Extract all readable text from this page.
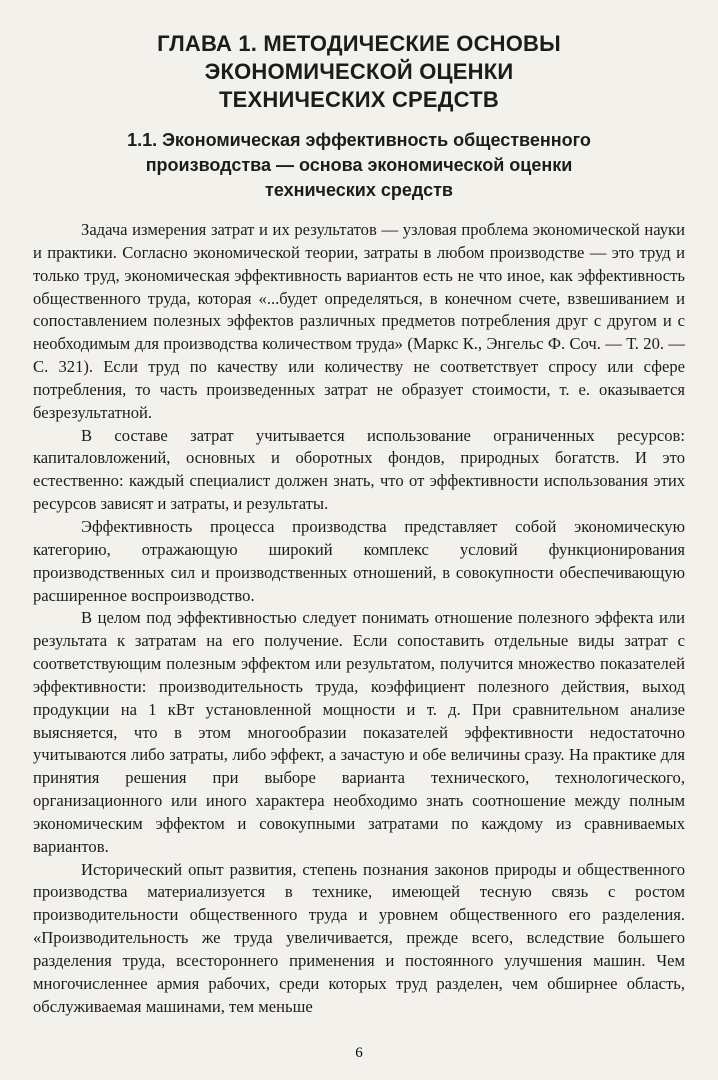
ГЛАВА 1. МЕТОДИЧЕСКИЕ ОСНОВЫ
ЭКОНОМИЧЕСКОЙ ОЦЕНКИ
ТЕХНИЧЕСКИХ СРЕДСТВ
1.1. Экономическая эффективность общественного
производства — основа экономической оценки
технических средств

Задача измерения затрат и их результатов — узловая проблема экономической науки и практики. Согласно экономической теории, затраты в любом производстве — это труд и только труд, экономическая эффективность вариантов есть не что иное, как эффективность общественного труда, которая «...будет определяться, в конечном счете, взвешиванием и сопоставлением полезных эффектов различных предметов потребления друг с другом и с необходимым для производства количеством труда» (Маркс К., Энгельс Ф. Соч. — Т. 20. — С. 321). Если труд по качеству или количеству не соответствует спросу или сфере потребления, то часть произведенных затрат не образует стоимости, т. е. оказывается безрезультатной.

В составе затрат учитывается использование ограниченных ресурсов: капиталовложений, основных и оборотных фондов, природных богатств. И это естественно: каждый специалист должен знать, что от эффективности использования этих ресурсов зависят и затраты, и результаты.

Эффективность процесса производства представляет собой экономическую категорию, отражающую широкий комплекс условий функционирования производственных сил и производственных отношений, в совокупности обеспечивающую расширенное воспроизводство.

В целом под эффективностью следует понимать отношение полезного эффекта или результата к затратам на его получение. Если сопоставить отдельные виды затрат с соответствующим полезным эффектом или результатом, получится множество показателей эффективности: производительность труда, коэффициент полезного действия, выход продукции на 1 кВт установленной мощности и т. д. При сравнительном анализе выясняется, что в этом многообразии показателей эффективности недостаточно учитываются либо затраты, либо эффект, а зачастую и обе величины сразу. На практике для принятия решения при выборе варианта технического, технологического, организационного или иного характера необходимо знать соотношение между полным экономическим эффектом и совокупными затратами по каждому из сравниваемых вариантов.

Исторический опыт развития, степень познания законов природы и общественного производства материализуется в технике, имеющей тесную связь с ростом производительности общественного труда и уровнем общественного его разделения. «Производительность же труда увеличивается, прежде всего, вследствие большего разделения труда, всестороннего применения и постоянного улучшения машин. Чем многочисленнее армия рабочих, среди которых труд разделен, чем обширнее область, обслуживаемая машинами, тем меньше

6
